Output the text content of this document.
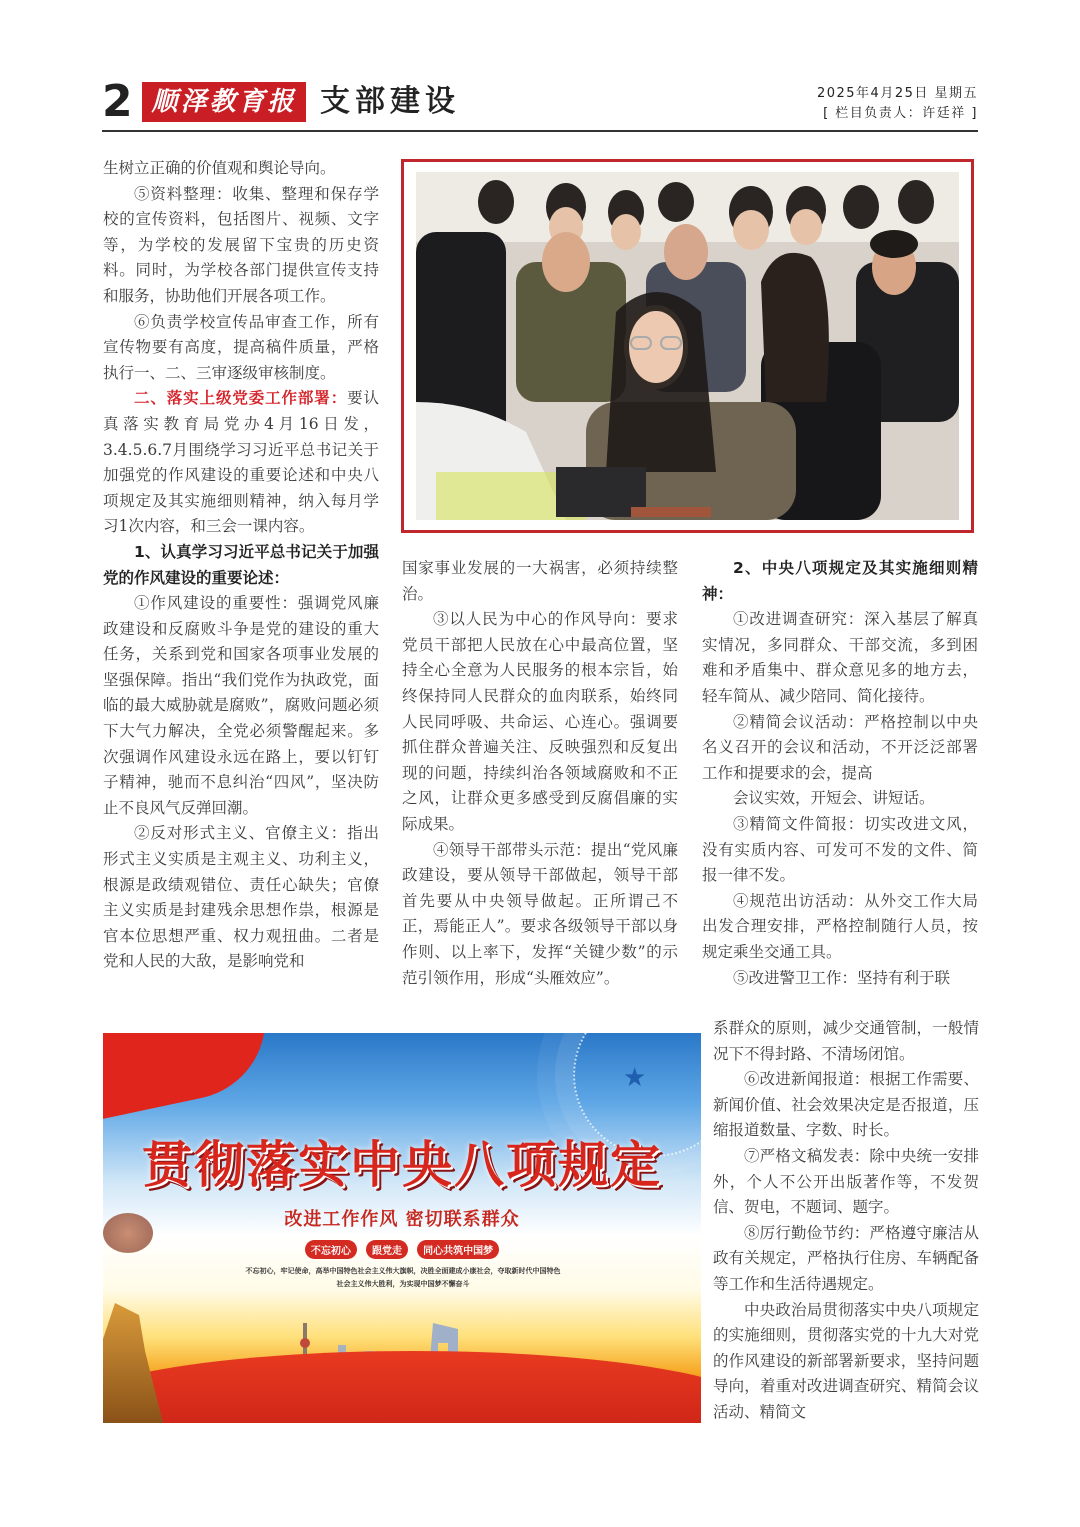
2 顺泽教育报 支部建设	2025年4月25日 星期五
[ 栏目负责人：许廷祥 ]

生树立正确的价值观和舆论导向。

⑤资料整理：收集、整理和保存学校的宣传资料，包括图片、视频、文字等，为学校的发展留下宝贵的历史资料。同时，为学校各部门提供宣传支持和服务，协助他们开展各项工作。

⑥负责学校宣传品审查工作，所有宣传物要有高度，提高稿件质量，严格执行一、二、三审逐级审核制度。

二、落实上级党委工作部署：要认真落实教育局党办4月16日发，3.4.5.6.7月围绕学习习近平总书记关于加强党的作风建设的重要论述和中央八项规定及其实施细则精神，纳入每月学习1次内容，和三会一课内容。

1、认真学习习近平总书记关于加强党的作风建设的重要论述：

①作风建设的重要性：强调党风廉政建设和反腐败斗争是党的建设的重大任务，关系到党和国家各项事业发展的坚强保障。指出“我们党作为执政党，面临的最大威胁就是腐败”，腐败问题必须下大气力解决，全党必须警醒起来。多次强调作风建设永远在路上，要以钉钉子精神，驰而不息纠治“四风”，坚决防止不良风气反弹回潮。

②反对形式主义、官僚主义：指出形式主义实质是主观主义、功利主义，根源是政绩观错位、责任心缺失；官僚主义实质是封建残余思想作祟，根源是官本位思想严重、权力观扭曲。二者是党和人民的大敌，是影响党和

国家事业发展的一大祸害，必须持续整治。

③以人民为中心的作风导向：要求党员干部把人民放在心中最高位置，坚持全心全意为人民服务的根本宗旨，始终保持同人民群众的血肉联系，始终同人民同呼吸、共命运、心连心。强调要抓住群众普遍关注、反映强烈和反复出现的问题，持续纠治各领域腐败和不正之风，让群众更多感受到反腐倡廉的实际成果。

④领导干部带头示范：提出“党风廉政建设，要从领导干部做起，领导干部首先要从中央领导做起。正所谓己不正，焉能正人”。要求各级领导干部以身作则、以上率下，发挥“关键少数”的示范引领作用，形成“头雁效应”。

2、中央八项规定及其实施细则精神：

①改进调查研究：深入基层了解真实情况，多同群众、干部交流，多到困难和矛盾集中、群众意见多的地方去，轻车简从、减少陪同、简化接待。

②精简会议活动：严格控制以中央名义召开的会议和活动，不开泛泛部署工作和提要求的会，提高

会议实效，开短会、讲短话。

③精简文件简报：切实改进文风，没有实质内容、可发可不发的文件、简报一律不发。

④规范出访活动：从外交工作大局出发合理安排，严格控制随行人员，按规定乘坐交通工具。

⑤改进警卫工作：坚持有利于联

系群众的原则，减少交通管制，一般情况下不得封路、不清场闭馆。

⑥改进新闻报道：根据工作需要、新闻价值、社会效果决定是否报道，压缩报道数量、字数、时长。

⑦严格文稿发表：除中央统一安排外，个人不公开出版著作等，不发贺信、贺电，不题词、题字。

⑧厉行勤俭节约：严格遵守廉洁从政有关规定，严格执行住房、车辆配备等工作和生活待遇规定。

中央政治局贯彻落实中央八项规定的实施细则，贯彻落实党的十九大对党的作风建设的新部署新要求，坚持问题导向，着重对改进调查研究、精简会议活动、精简文

★
贯彻落实中央八项规定
改进工作作风 密切联系群众
不忘初心 跟党走 同心共筑中国梦
不忘初心，牢记使命，高举中国特色社会主义伟大旗帜，决胜全面建成小康社会，夺取新时代中国特色
社会主义伟大胜利，为实现中国梦不懈奋斗
